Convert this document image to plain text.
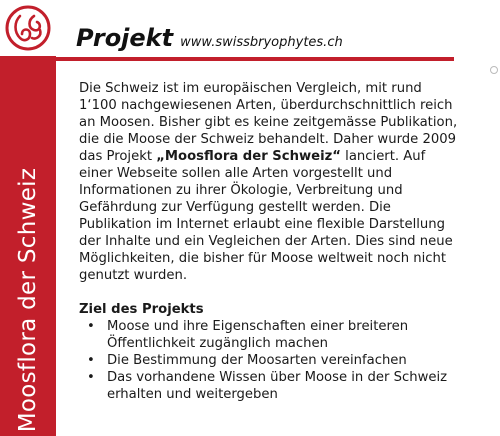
Moosflora der Schweiz
Projekt www.swissbryophytes.ch

Die Schweiz ist im europäischen Vergleich, mit rund 1‘100 nachgewiesenen Arten, überdurchschnittlich reich an Moosen. Bisher gibt es keine zeitgemässe Publikation, die die Moose der Schweiz behandelt. Daher wurde 2009 das Projekt „Moosflora der Schweiz“ lanciert. Auf einer Webseite sollen alle Arten vorgestellt und Informationen zu ihrer Ökologie, Verbreitung und Gefährdung zur Verfügung gestellt werden. Die Publikation im Internet erlaubt eine flexible Darstellung der Inhalte und ein Vegleichen der Arten. Dies sind neue Möglichkeiten, die bisher für Moose weltweit noch nicht genutzt wurden.

Ziel des Projekts

• Moose und ihre Eigenschaften einer breiteren Öffentlichkeit zugänglich machen
• Die Bestimmung der Moosarten vereinfachen
• Das vorhandene Wissen über Moose in der Schweiz erhalten und weitergeben
